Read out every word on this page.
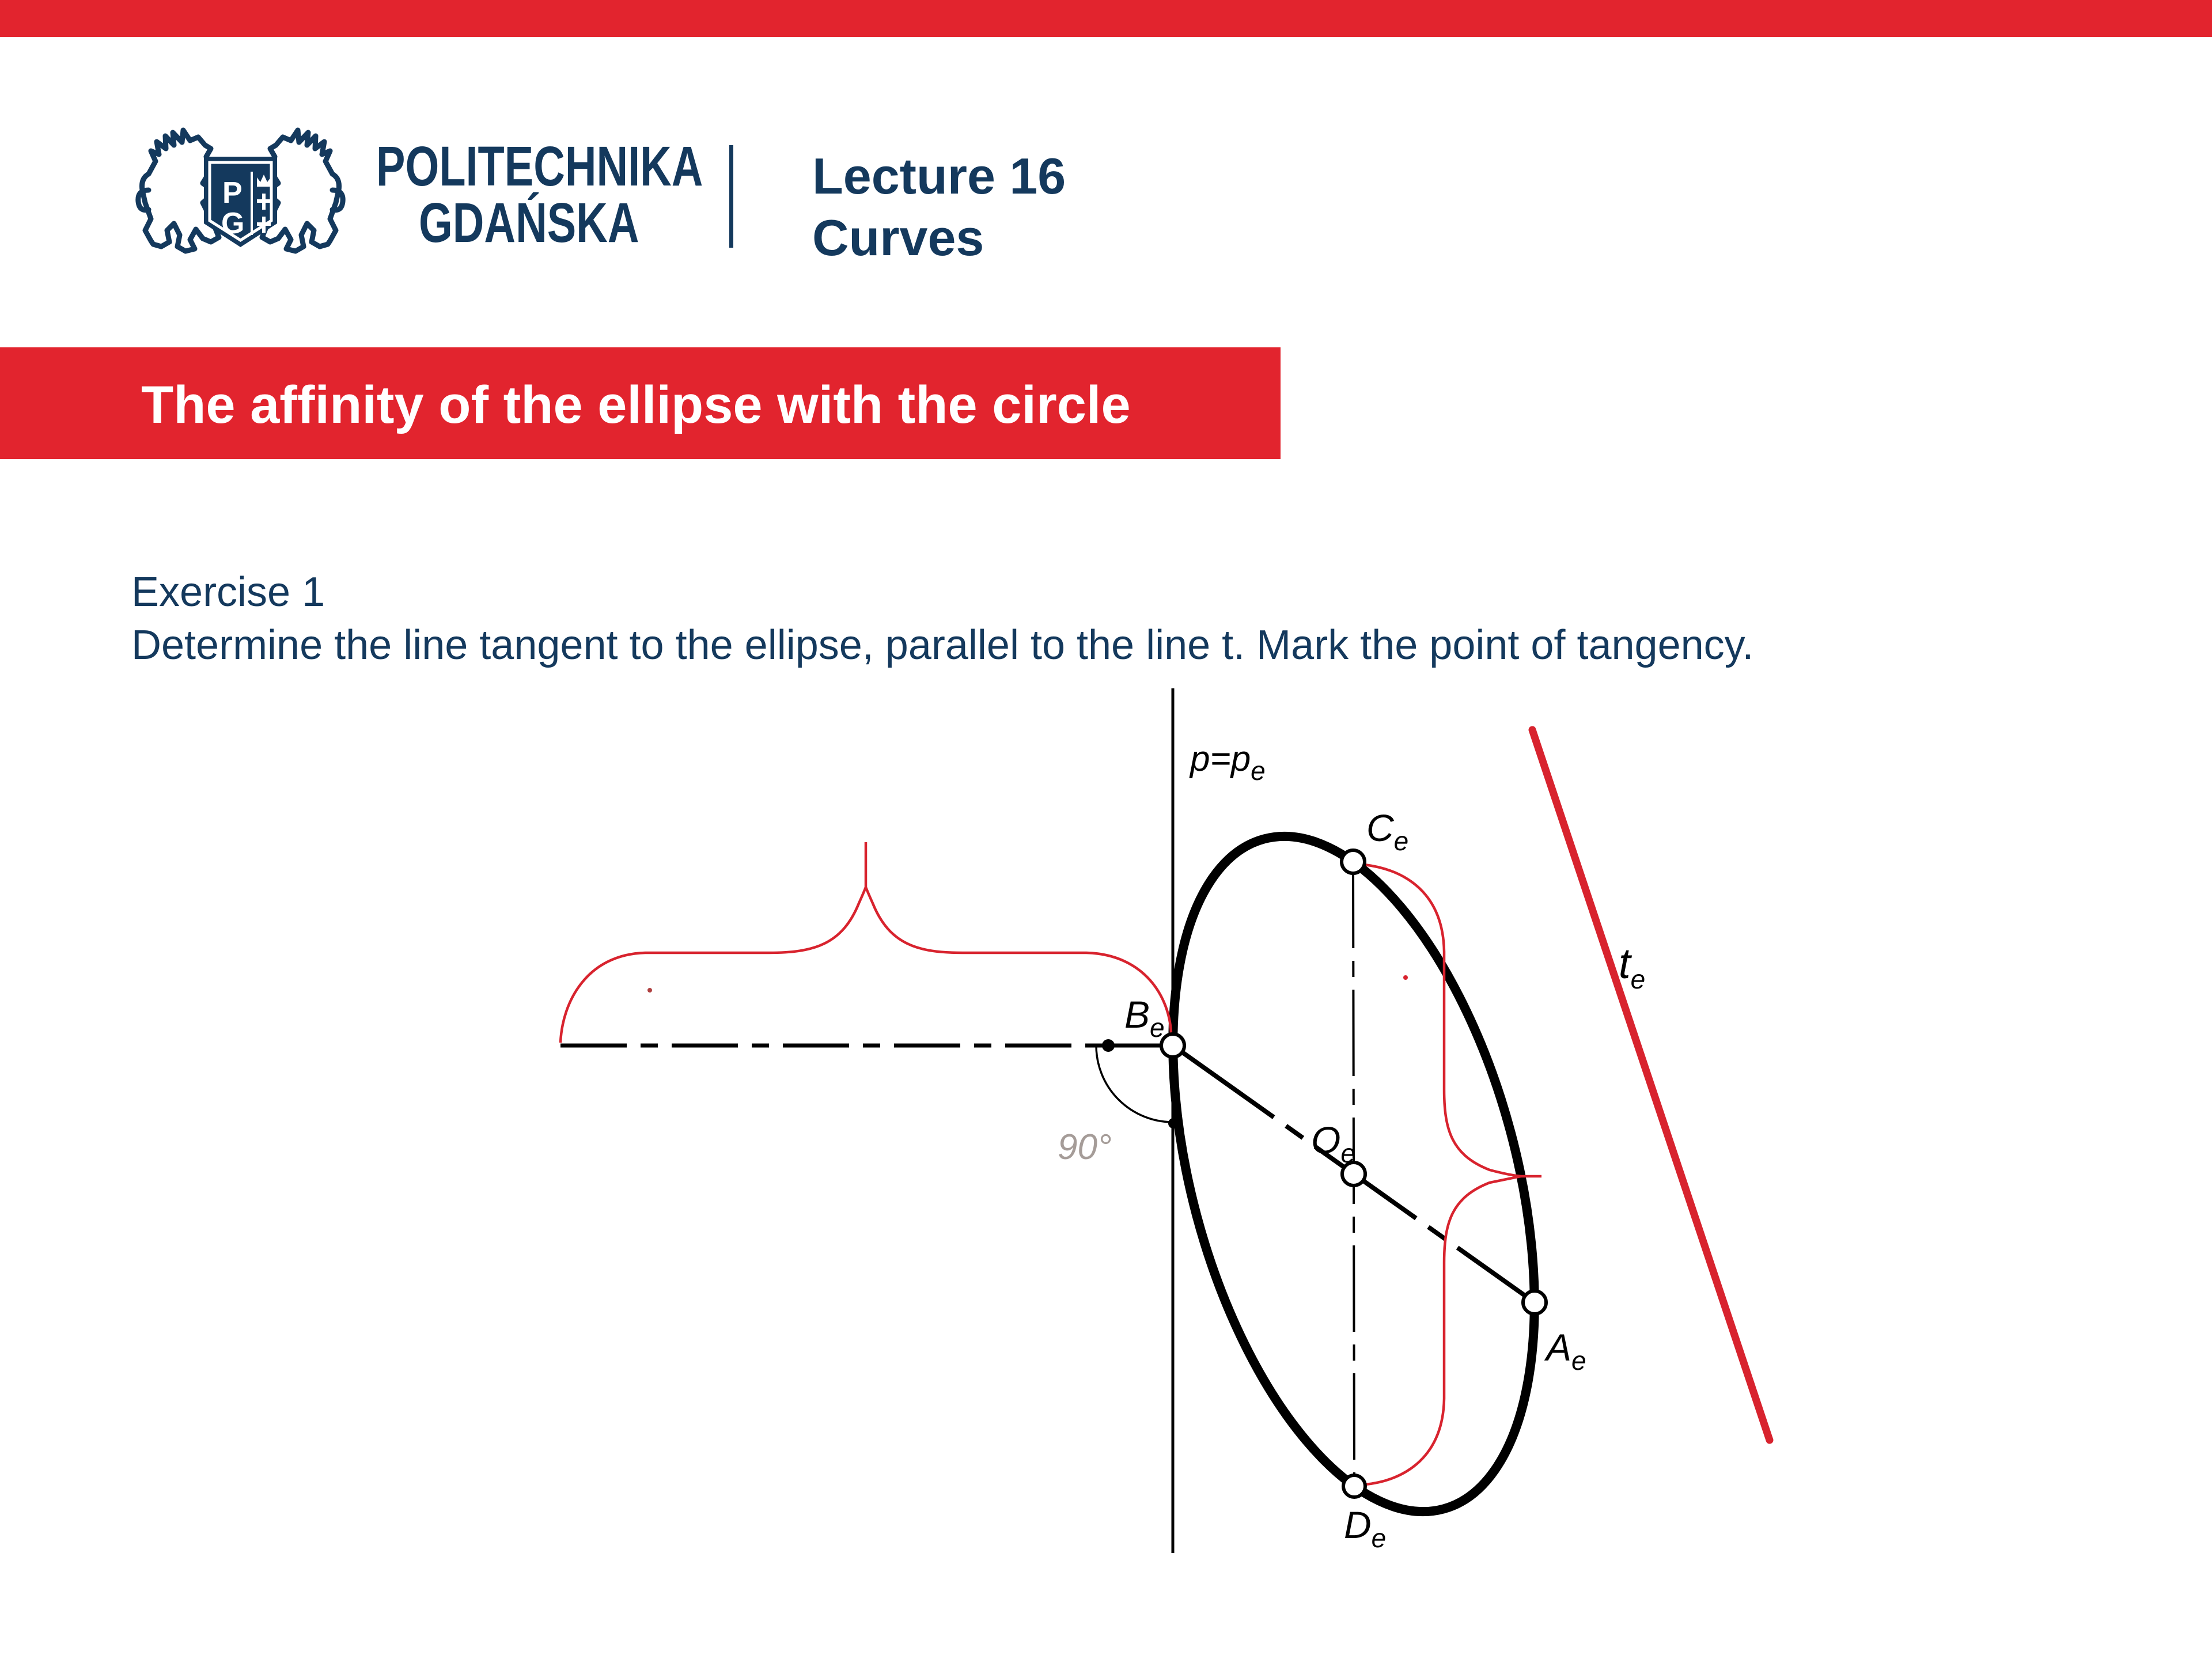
P
G
POLITECHNIKA
GDAŃSKA
Lecture 16
Curves
The affinity of the ellipse with the circle
Exercise 1
Determine the line tangent to the ellipse, parallel to the line t. Mark the point of tangency.
90°
$p=p_e$
$B_e$
$C_e$
$O_e$
$A_e$
$D_e$
$t_e$
